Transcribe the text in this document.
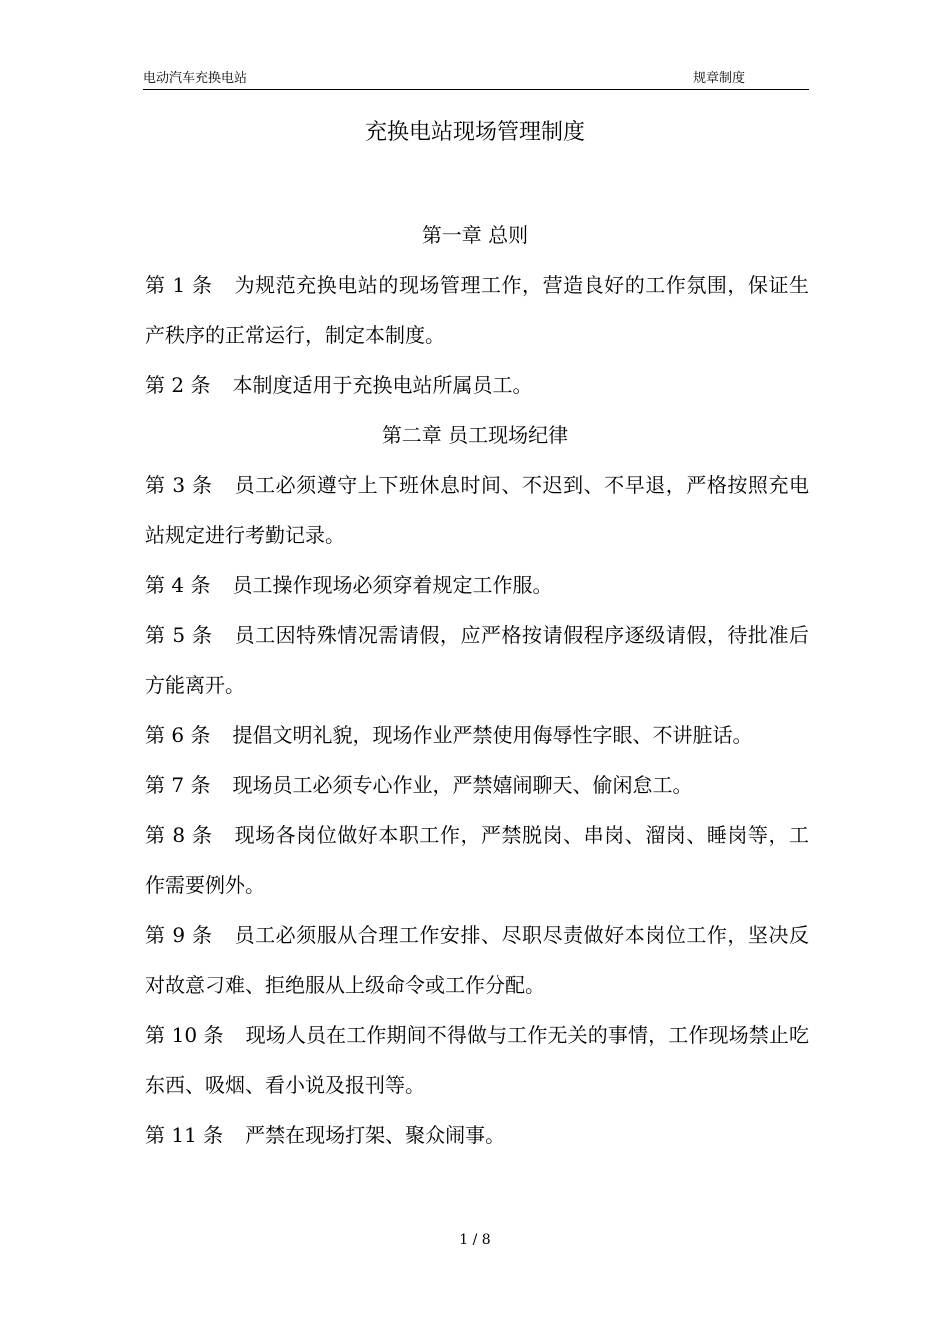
电动汽车充换电站	规章制度
充换电站现场管理制度
第一章 总则
第 1 条 为规范充换电站的现场管理工作，营造良好的工作氛围，保证生产秩序的正常运行，制定本制度。
第 2 条 本制度适用于充换电站所属员工。
第二章 员工现场纪律
第 3 条 员工必须遵守上下班休息时间、不迟到、不早退，严格按照充电站规定进行考勤记录。
第 4 条 员工操作现场必须穿着规定工作服。
第 5 条 员工因特殊情况需请假，应严格按请假程序逐级请假，待批准后方能离开。
第 6 条 提倡文明礼貌，现场作业严禁使用侮辱性字眼、不讲脏话。
第 7 条 现场员工必须专心作业，严禁嬉闹聊天、偷闲怠工。
第 8 条 现场各岗位做好本职工作，严禁脱岗、串岗、溜岗、睡岗等，工作需要例外。
第 9 条 员工必须服从合理工作安排、尽职尽责做好本岗位工作，坚决反对故意刁难、拒绝服从上级命令或工作分配。
第 10 条 现场人员在工作期间不得做与工作无关的事情，工作现场禁止吃东西、吸烟、看小说及报刊等。
第 11 条 严禁在现场打架、聚众闹事。
1 / 8
